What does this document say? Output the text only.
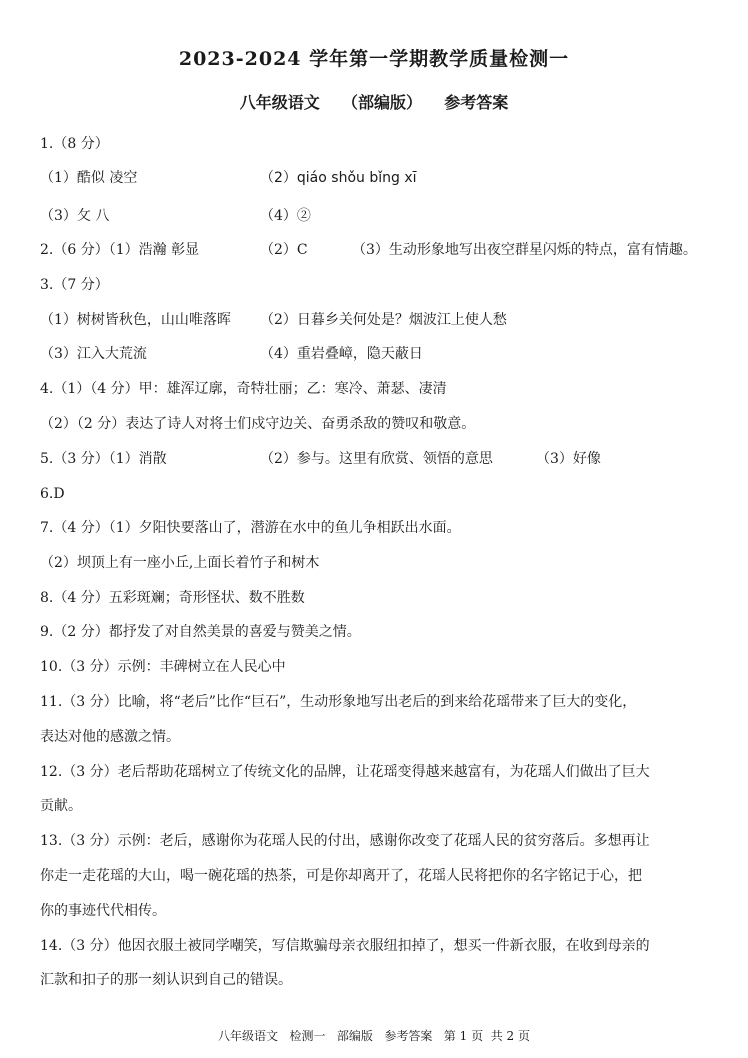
2023-2024 学年第一学期教学质量检测一
八年级语文    （部编版）    参考答案
1.（8 分）
（1）酷似 凌空	（2）qiáo shǒu bǐng xī
（3）攵 八	（4）②
2.（6 分）（1）浩瀚 彰显	（2）C	（3）生动形象地写出夜空群星闪烁的特点，富有情趣。
3.（7 分）
（1）树树皆秋色，山山唯落晖 （2）日暮乡关何处是？烟波江上使人愁
（3）江入大荒流	（4）重岩叠嶂，隐天蔽日
4.（1）（4 分）甲：雄浑辽廓，奇特壮丽；乙：寒冷、萧瑟、凄清
（2）（2 分）表达了诗人对将士们戍守边关、奋勇杀敌的赞叹和敬意。
5.（3 分）（1）消散	（2）参与。这里有欣赏、领悟的意思	（3）好像
6.D
7.（4 分）（1）夕阳快要落山了，潜游在水中的鱼儿争相跃出水面。
（2）坝顶上有一座小丘,上面长着竹子和树木
8.（4 分）五彩斑斓；奇形怪状、数不胜数
9.（2 分）都抒发了对自然美景的喜爱与赞美之情。
10.（3 分）示例：丰碑树立在人民心中
11.（3 分）比喻，将“老后”比作“巨石”，生动形象地写出老后的到来给花瑶带来了巨大的变化，
表达对他的感激之情。
12.（3 分）老后帮助花瑶树立了传统文化的品牌，让花瑶变得越来越富有，为花瑶人们做出了巨大
贡献。
13.（3 分）示例：老后，感谢你为花瑶人民的付出，感谢你改变了花瑶人民的贫穷落后。多想再让
你走一走花瑶的大山，喝一碗花瑶的热茶，可是你却离开了，花瑶人民将把你的名字铭记于心，把
你的事迹代代相传。
14.（3 分）他因衣服土被同学嘲笑，写信欺骗母亲衣服纽扣掉了，想买一件新衣服，在收到母亲的
汇款和扣子的那一刻认识到自己的错误。
八年级语文   检测一   部编版   参考答案   第 1 页  共 2 页
